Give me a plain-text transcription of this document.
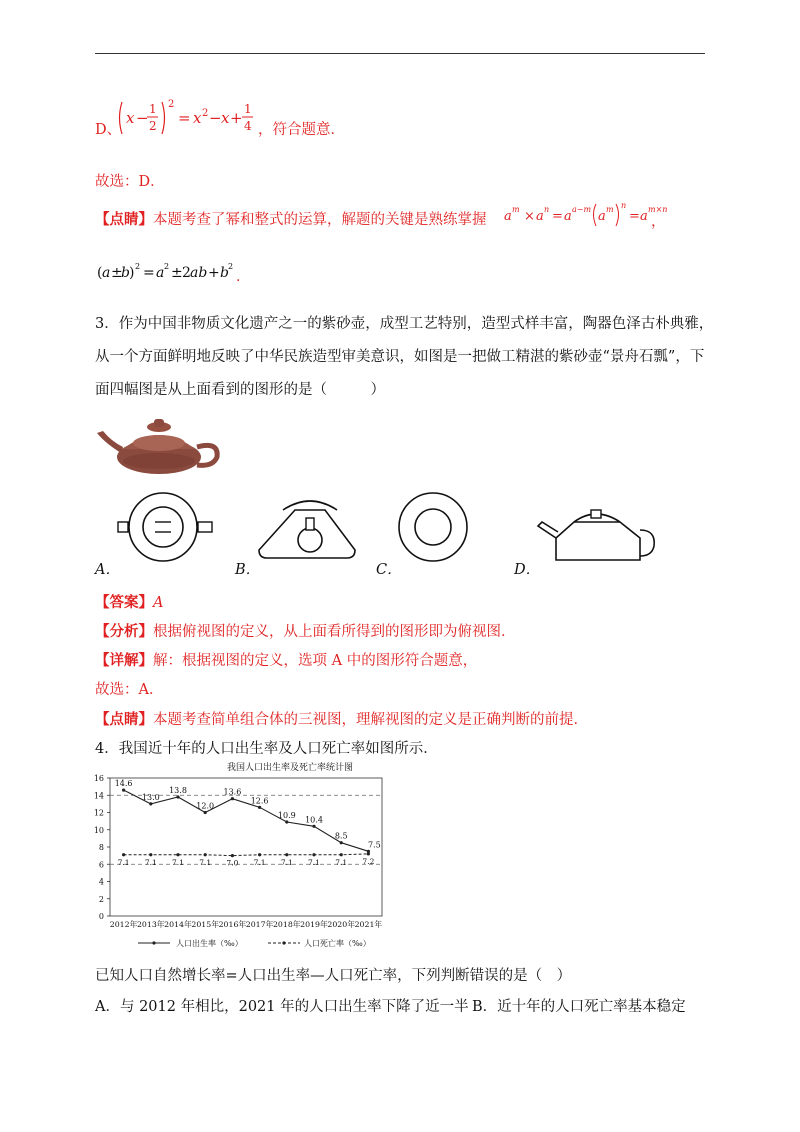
D、
x − 1
2
2
= x 2 − x + 1
4 ，符合题意．
故选：D．
【点睛】本题考查了幂和整式的运算，解题的关键是熟练掌握 a m × a n = a a−m a m n
= a m×n
，
( a ±
b ) 2 = a 2 ± 2 ab + b 2
.
3．作为中国非物质文化遗产之一的紫砂壶，成型工艺特别，造型式样丰富，陶器色泽古朴典雅，
从一个方面鲜明地反映了中华民族造型审美意识，如图是一把做工精湛的紫砂壶“景舟石瓢”，下
面四幅图是从上面看到的图形的是（　　　）
A．	B．	C．	D．
【答案】A
【分析】根据俯视图的定义，从上面看所得到的图形即为俯视图．
【详解】解：根据视图的定义，选项 A 中的图形符合题意，
故选：A．
【点睛】本题考查简单组合体的三视图，理解视图的定义是正确判断的前提．
4．我国近十年的人口出生率及人口死亡率如图所示．
我国人口出生率及死亡率统计图
0
2
4
6
8
10
12
14
16
14.6
13.0
13.8
12.0
13.6
12.6
10.9 10.4
8.5
7.5
7.1 7.1 7.1 7.1 7.0 7.1 7.1 7.1 7.1 7.2
2012年 2013年 2014年 2015年 2016年 2017年 2018年 2019年 2020年 2021年
人口出生率（‰）	人口死亡率（‰）
已知人口自然增长率=人口出生率—人口死亡率，下列判断错误的是（　）
A．与 2012 年相比，2021 年的人口出生率下降了近一半 B．近十年的人口死亡率基本稳定
